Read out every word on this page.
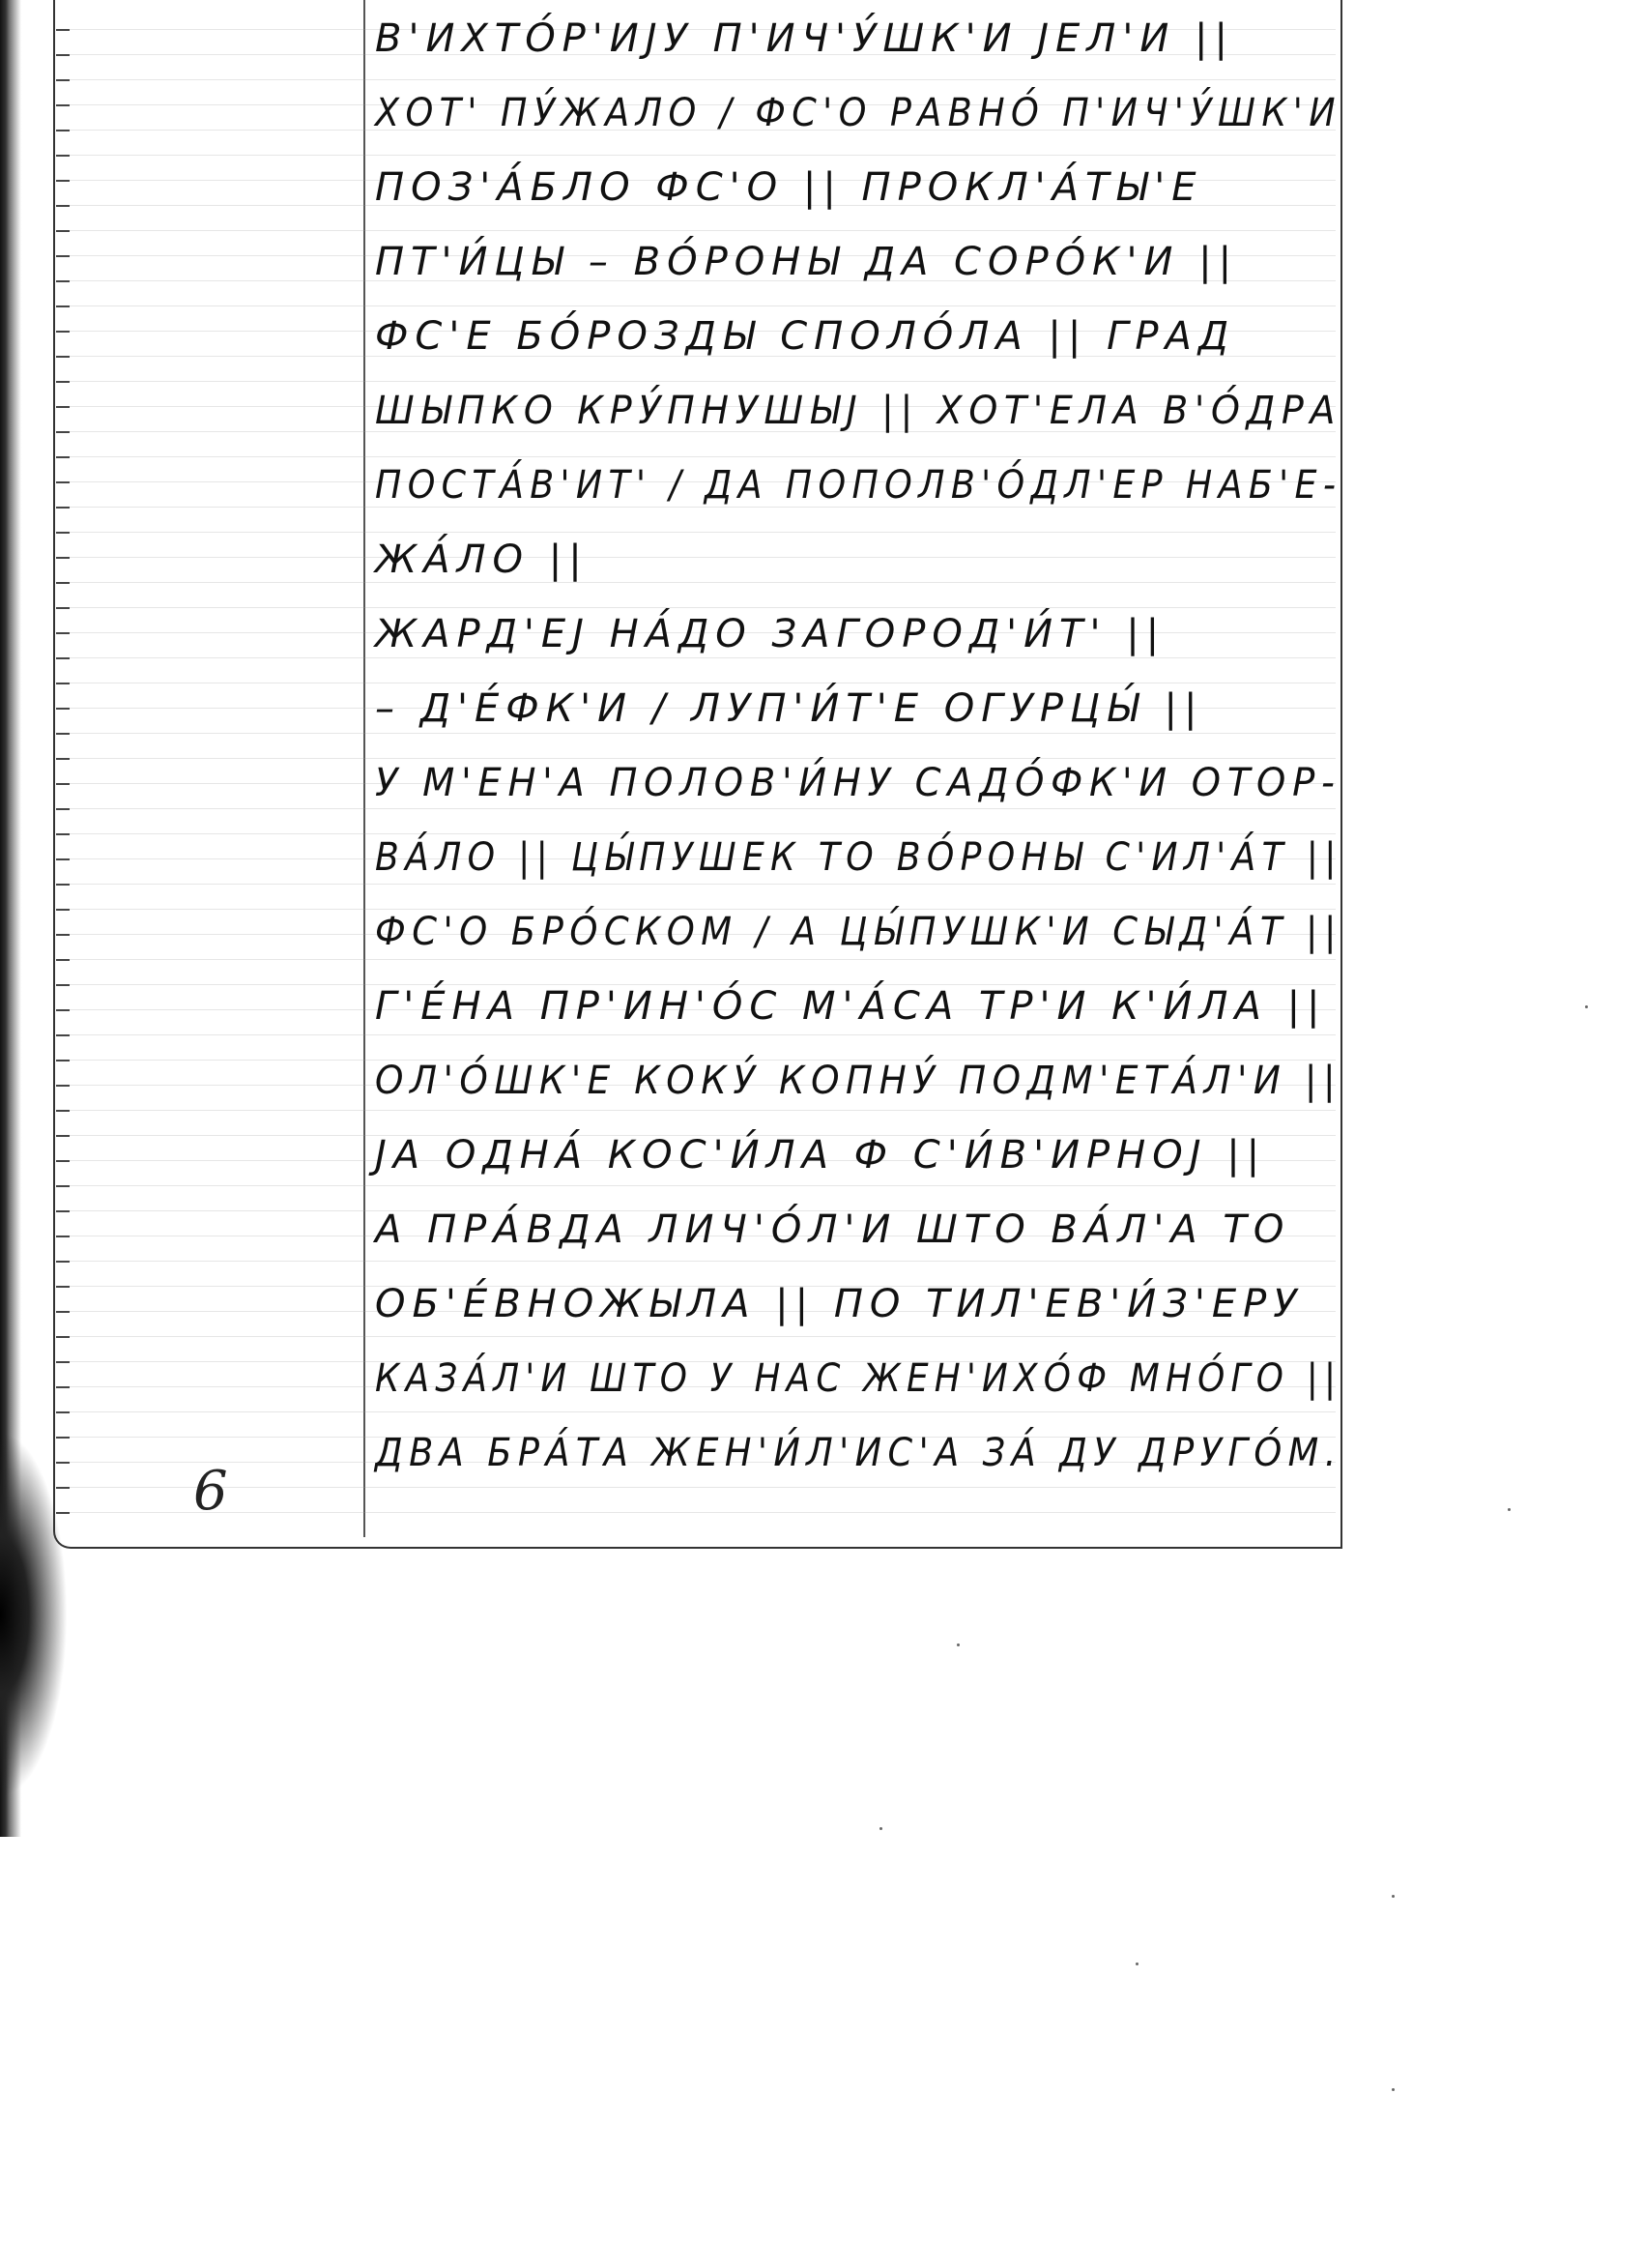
В'ИХТО́Р'ИЈУ П'ИЧ'У́ШК'И ЈЕЛ'И ||
ХОТ' ПУ́ЖАЛО / ФС'О РАВНО́ П'ИЧ'У́ШК'И
ПОЗ'А́БЛО ФС'О || ПРОКЛ'А́ТЫ'Е
ПТ'И́ЦЫ – ВО́РОНЫ ДА СОРО́К'И ||
ФС'Е БО́РОЗДЫ СПОЛО́ЛА || ГРАД
ШЫПКО КРУ́ПНУШЫЈ || ХОТ'ЕЛА В'О́ДРА
ПОСТА́В'ИТ' / ДА ПОПОЛВ'О́ДЛ'ЕР НАБ'Е-
ЖА́ЛО ||
ЖАРД'ЕЈ НА́ДО ЗАГОРОД'И́Т' ||
– Д'Е́ФК'И / ЛУП'И́Т'Е ОГУРЦЫ́ ||
У М'ЕН'А ПОЛОВ'И́НУ САДО́ФК'И ОТОР-
ВА́ЛО || ЦЫ́ПУШЕК ТО ВО́РОНЫ С'ИЛ'А́Т ||
ФС'О БРО́СКОМ / А ЦЫ́ПУШК'И СЫД'А́Т ||
Г'Е́НА ПР'ИН'О́С М'А́СА ТР'И К'И́ЛА ||
ОЛ'О́ШК'Е КОКУ́ КОПНУ́ ПОДМ'ЕТА́Л'И ||
ЈА ОДНА́ КОС'И́ЛА Ф С'И́В'ИРНОЈ ||
А ПРА́ВДА ЛИЧ'О́Л'И ШТО ВА́Л'А ТО
ОБ'Е́ВНОЖЫЛА || ПО ТИЛ'ЕВ'И́З'ЕРУ
КАЗА́Л'И ШТО У НАС ЖЕН'ИХО́Ф МНО́ГО ||
ДВА БРА́ТА ЖЕН'И́Л'ИС'А ЗА́ ДУ ДРУГО́М.
6
